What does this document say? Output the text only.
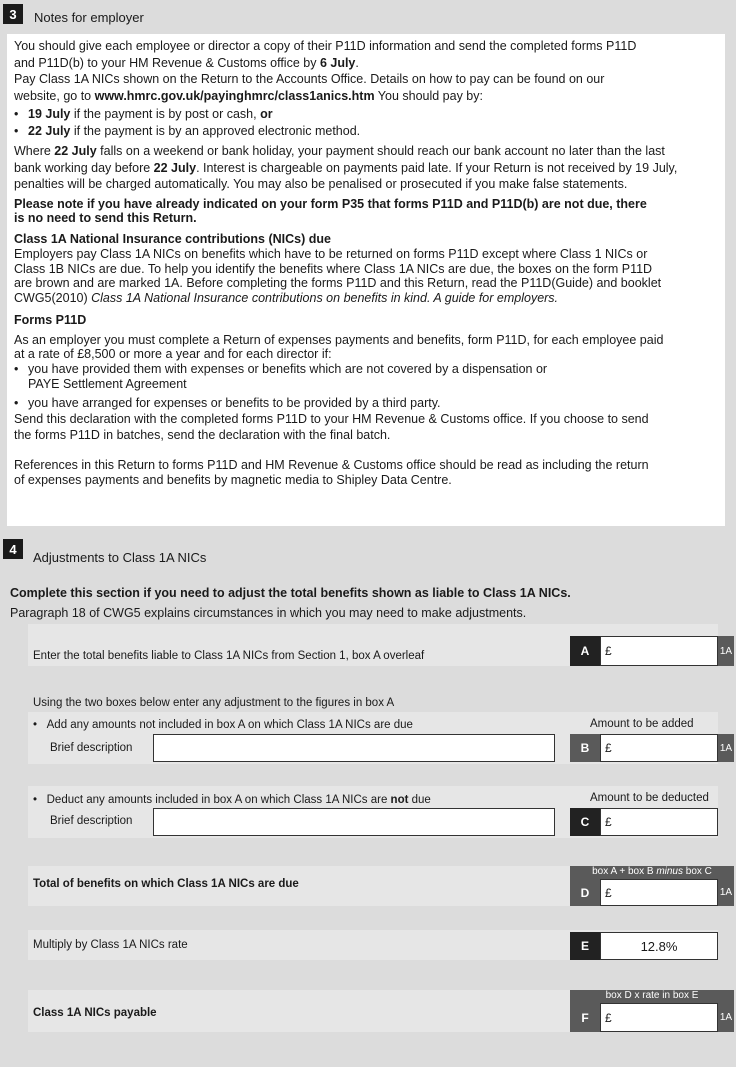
3	Notes for employer

You should give each employee or director a copy of their P11D information and send the completed forms P11D

and P11D(b) to your HM Revenue & Customs office by 6 July.

Pay Class 1A NICs shown on the Return to the Accounts Office. Details on how to pay can be found on our

website, go to www.hmrc.gov.uk/payinghmrc/class1anics.htm You should pay by:

• 19 July if the payment is by post or cash, or
• 22 July if the payment is by an approved electronic method.

Where 22 July falls on a weekend or bank holiday, your payment should reach our bank account no later than the last

bank working day before 22 July. Interest is chargeable on payments paid late. If your Return is not received by 19 July,

penalties will be charged automatically. You may also be penalised or prosecuted if you make false statements.

Please note if you have already indicated on your form P35 that forms P11D and P11D(b) are not due, there
is no need to send this Return.

Class 1A National Insurance contributions (NICs) due

Employers pay Class 1A NICs on benefits which have to be returned on forms P11D except where Class 1 NICs or

Class 1B NICs are due. To help you identify the benefits where Class 1A NICs are due, the boxes on the form P11D

are brown and are marked 1A. Before completing the forms P11D and this Return, read the P11D(Guide) and booklet

CWG5(2010) Class 1A National Insurance contributions on benefits in kind. A guide for employers.

Forms P11D

As an employer you must complete a Return of expenses payments and benefits, form P11D, for each employee paid

at a rate of £8,500 or more a year and for each director if:

• you have provided them with expenses or benefits which are not covered by a dispensation or
PAYE Settlement Agreement
• you have arranged for expenses or benefits to be provided by a third party.

Send this declaration with the completed forms P11D to your HM Revenue & Customs office. If you choose to send

the forms P11D in batches, send the declaration with the final batch.

References in this Return to forms P11D and HM Revenue & Customs office should be read as including the return

of expenses payments and benefits by magnetic media to Shipley Data Centre.

4
Adjustments to Class 1A NICs
Complete this section if you need to adjust the total benefits shown as liable to Class 1A NICs.
Paragraph 18 of CWG5 explains circumstances in which you may need to make adjustments.
Enter the total benefits liable to Class 1A NICs from Section 1, box A overleaf	A	£	1A
Using the two boxes below enter any adjustment to the figures in box A
•   Add any amounts not included in box A on which Class 1A NICs are due
Brief description
Amount to be added
B	£	1A
•   Deduct any amounts included in box A on which Class 1A NICs are not due
Brief description
Amount to be deducted
C	£
Total of benefits on which Class 1A NICs are due
box A + box B minus box C
D	£	1A
Multiply by Class 1A NICs rate	E	12.8%
Class 1A NICs payable
box D x rate in box E
F	£	1A
